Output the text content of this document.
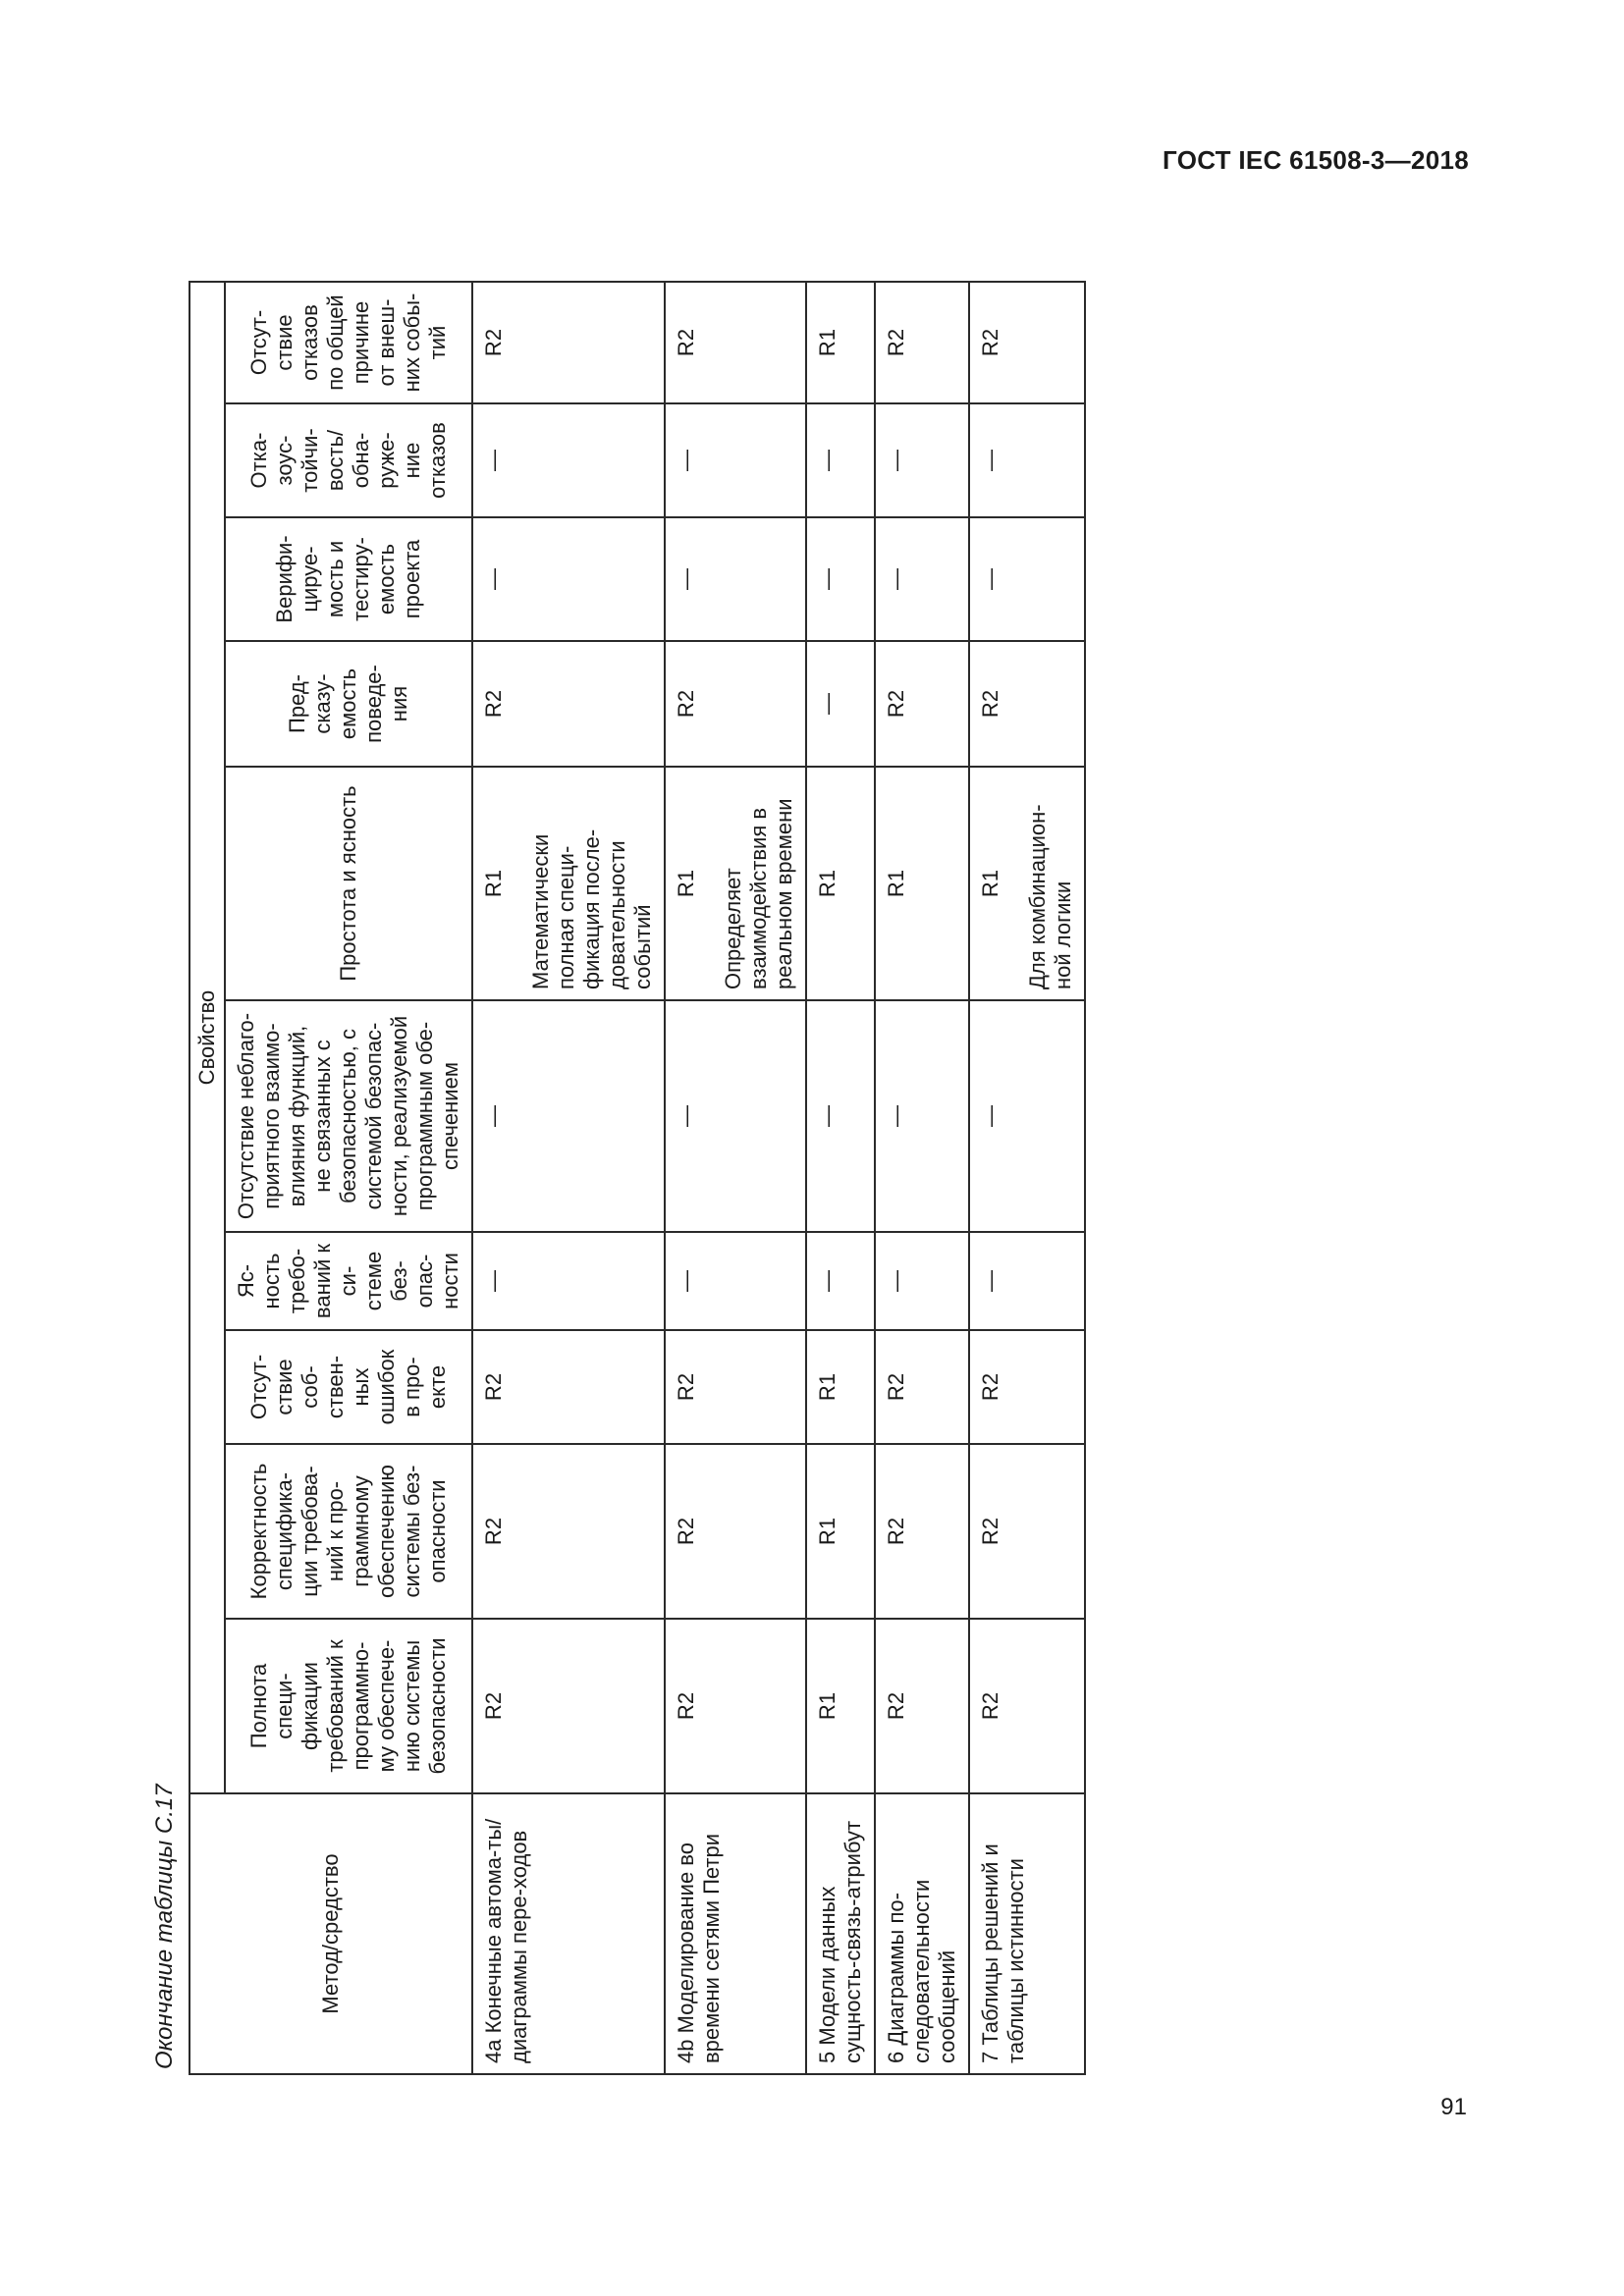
ГОСТ IEC 61508-3—2018
Окончание таблицы С.17	Метод/средство	Свойство									
	Полнота специ-фикации требований к программно-му обеспече-нию системы безопасности	Корректность специфика-ции требова-ний к про-граммному обеспечению системы без-опасности	Отсут-ствие соб-ствен-ных ошибок в про-екте	Яс-ность требо-ваний к си-стеме без-опас-ности	Отсутствие неблаго-приятного взаимо-влияния функций, не связанных с безопасностью, с системой безопас-ности, реализуемой программным обе-спечением	Простота и ясность	Пред-сказу-емость поведе-ния	Верифи-цируе-мость и тестиру-емость проекта	Отка-зоус-тойчи-вость/ обна-руже-ние отказов	Отсут-ствие отказов по общей причине от внеш-них собы-тий
4a Конечные автома-ты/диаграммы пере-ходов	R2	R2	R2	—	—	R1 Математически полная специ-фикация после-довательности событий	R2	—	—	R2
4b Моделирование во времени сетями Петри	R2	R2	R2	—	—	R1 Определяет взаимодействия в реальном времени	R2	—	—	R2
5 Модели данных сущность-связь-атрибут	R1	R1	R1	—	—	R1	—	—	—	R1
6 Диаграммы по-следовательности сообщений	R2	R2	R2	—	—	R1	R2	—	—	R2
7 Таблицы решений и таблицы истинности	R2	R2	R2	—	—	R1 Для комбинацион-ной логики	R2	—	—	R2
91
